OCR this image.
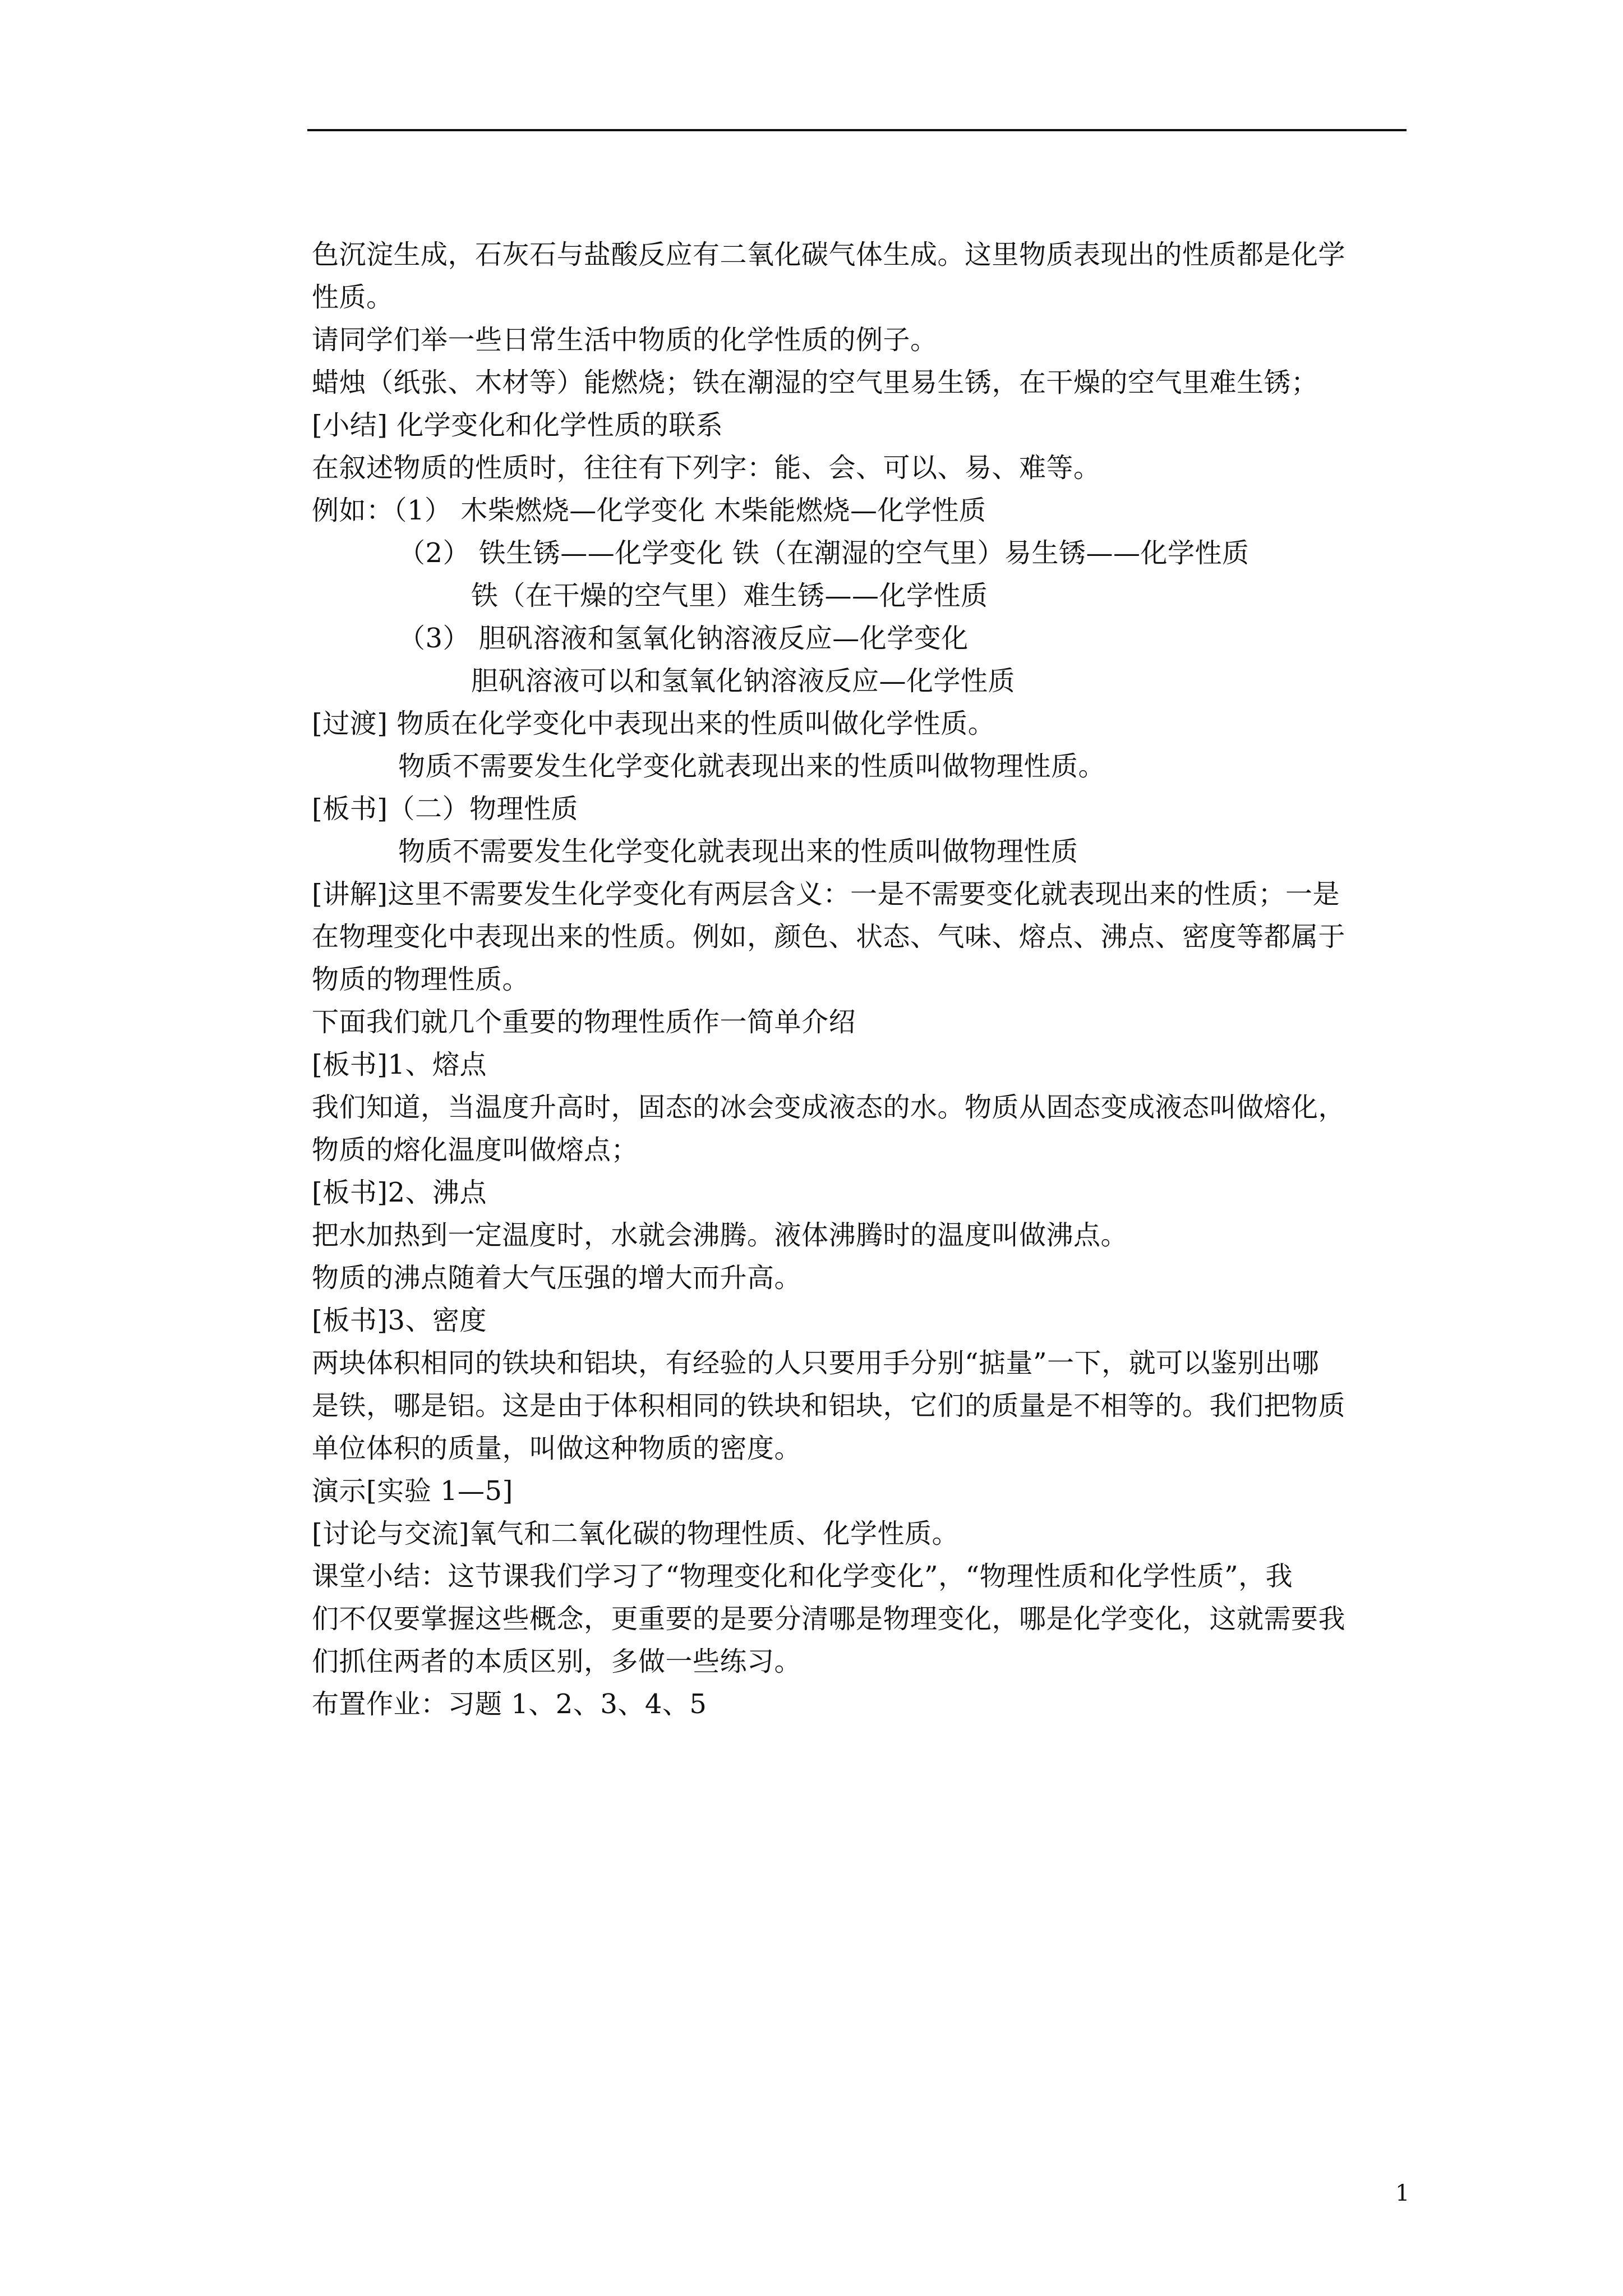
色沉淀生成，石灰石与盐酸反应有二氧化碳气体生成。这里物质表现出的性质都是化学
性质。
请同学们举一些日常生活中物质的化学性质的例子。
蜡烛（纸张、木材等）能燃烧；铁在潮湿的空气里易生锈，在干燥的空气里难生锈；
[小结] 化学变化和化学性质的联系
在叙述物质的性质时，往往有下列字：能、会、可以、易、难等。
例如：（1） 木柴燃烧—化学变化 木柴能燃烧—化学性质
（2） 铁生锈——化学变化 铁（在潮湿的空气里）易生锈——化学性质
铁（在干燥的空气里）难生锈——化学性质
（3） 胆矾溶液和氢氧化钠溶液反应—化学变化
胆矾溶液可以和氢氧化钠溶液反应—化学性质
[过渡] 物质在化学变化中表现出来的性质叫做化学性质。
物质不需要发生化学变化就表现出来的性质叫做物理性质。
[板书]（二）物理性质
物质不需要发生化学变化就表现出来的性质叫做物理性质
[讲解]这里不需要发生化学变化有两层含义：一是不需要变化就表现出来的性质；一是
在物理变化中表现出来的性质。例如，颜色、状态、气味、熔点、沸点、密度等都属于
物质的物理性质。
下面我们就几个重要的物理性质作一简单介绍
[板书]1、熔点
我们知道，当温度升高时，固态的冰会变成液态的水。物质从固态变成液态叫做熔化，
物质的熔化温度叫做熔点；
[板书]2、沸点
把水加热到一定温度时，水就会沸腾。液体沸腾时的温度叫做沸点。
物质的沸点随着大气压强的增大而升高。
[板书]3、密度
两块体积相同的铁块和铝块，有经验的人只要用手分别“掂量”一下，就可以鉴别出哪
是铁，哪是铝。这是由于体积相同的铁块和铝块，它们的质量是不相等的。我们把物质
单位体积的质量，叫做这种物质的密度。
演示[实验 1—5]
[讨论与交流]氧气和二氧化碳的物理性质、化学性质。
课堂小结：这节课我们学习了“物理变化和化学变化”，“物理性质和化学性质”，我
们不仅要掌握这些概念，更重要的是要分清哪是物理变化，哪是化学变化，这就需要我
们抓住两者的本质区别，多做一些练习。
布置作业：习题 1、2、3、4、5
1
